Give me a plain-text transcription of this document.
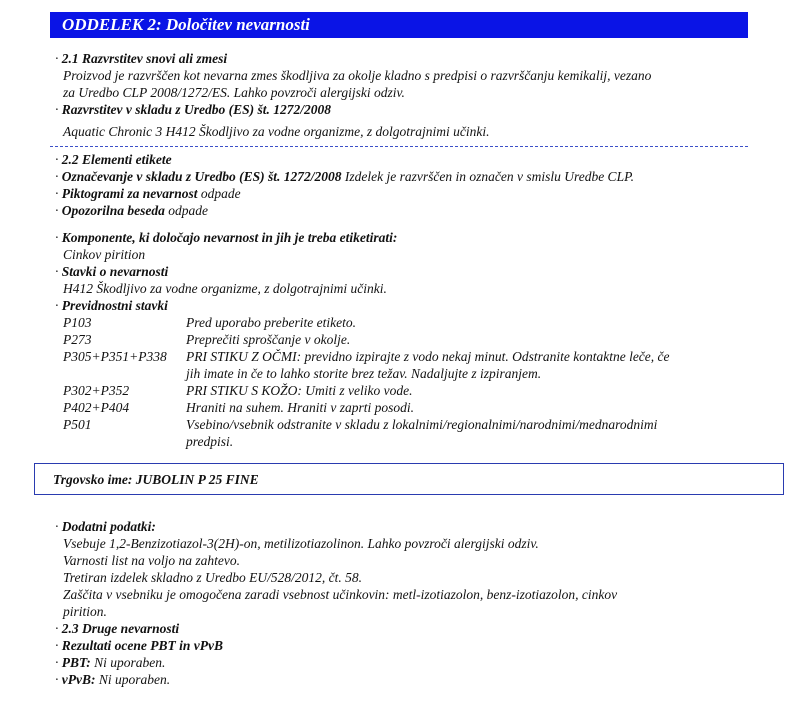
ODDELEK 2: Določitev nevarnosti
· 2.1 Razvrstitev snovi ali zmesi
Proizvod je razvrščen kot nevarna zmes škodljiva za okolje kladno s predpisi o razvrščanju kemikalij, vezano
za Uredbo CLP 2008/1272/ES. Lahko povzroči alergijski odziv.
· Razvrstitev v skladu z Uredbo (ES) št. 1272/2008
Aquatic Chronic 3 H412 Škodljivo za vodne organizme, z dolgotrajnimi učinki.
· 2.2 Elementi etikete
· Označevanje v skladu z Uredbo (ES) št. 1272/2008 Izdelek je razvrščen in označen v smislu Uredbe CLP.
· Piktogrami za nevarnost odpade
· Opozorilna beseda odpade
· Komponente, ki določajo nevarnost in jih je treba etiketirati:
Cinkov pirition
· Stavki o nevarnosti
H412 Škodljivo za vodne organizme, z dolgotrajnimi učinki.
· Previdnostni stavki
P103	Pred uporabo preberite etiketo.
P273	Preprečiti sproščanje v okolje.
P305+P351+P338 PRI STIKU Z OČMI: previdno izpirajte z vodo nekaj minut. Odstranite kontaktne leče, če
jih imate in če to lahko storite brez težav. Nadaljujte z izpiranjem.
P302+P352	PRI STIKU S KOŽO: Umiti z veliko vode.
P402+P404	Hraniti na suhem. Hraniti v zaprti posodi.
P501	Vsebino/vsebnik odstranite v skladu z lokalnimi/regionalnimi/narodnimi/mednarodnimi
predpisi.
Trgovsko ime: JUBOLIN P 25 FINE
· Dodatni podatki:
Vsebuje 1,2-Benzizotiazol-3(2H)-on, metilizotiazolinon. Lahko povzroči alergijski odziv.
Varnosti list na voljo na zahtevo.
Tretiran izdelek skladno z Uredbo EU/528/2012, čt. 58.
Zaščita v vsebniku je omogočena zaradi vsebnost učinkovin: metl-izotiazolon, benz-izotiazolon, cinkov
pirition.
· 2.3 Druge nevarnosti
· Rezultati ocene PBT in vPvB
· PBT: Ni uporaben.
· vPvB: Ni uporaben.
